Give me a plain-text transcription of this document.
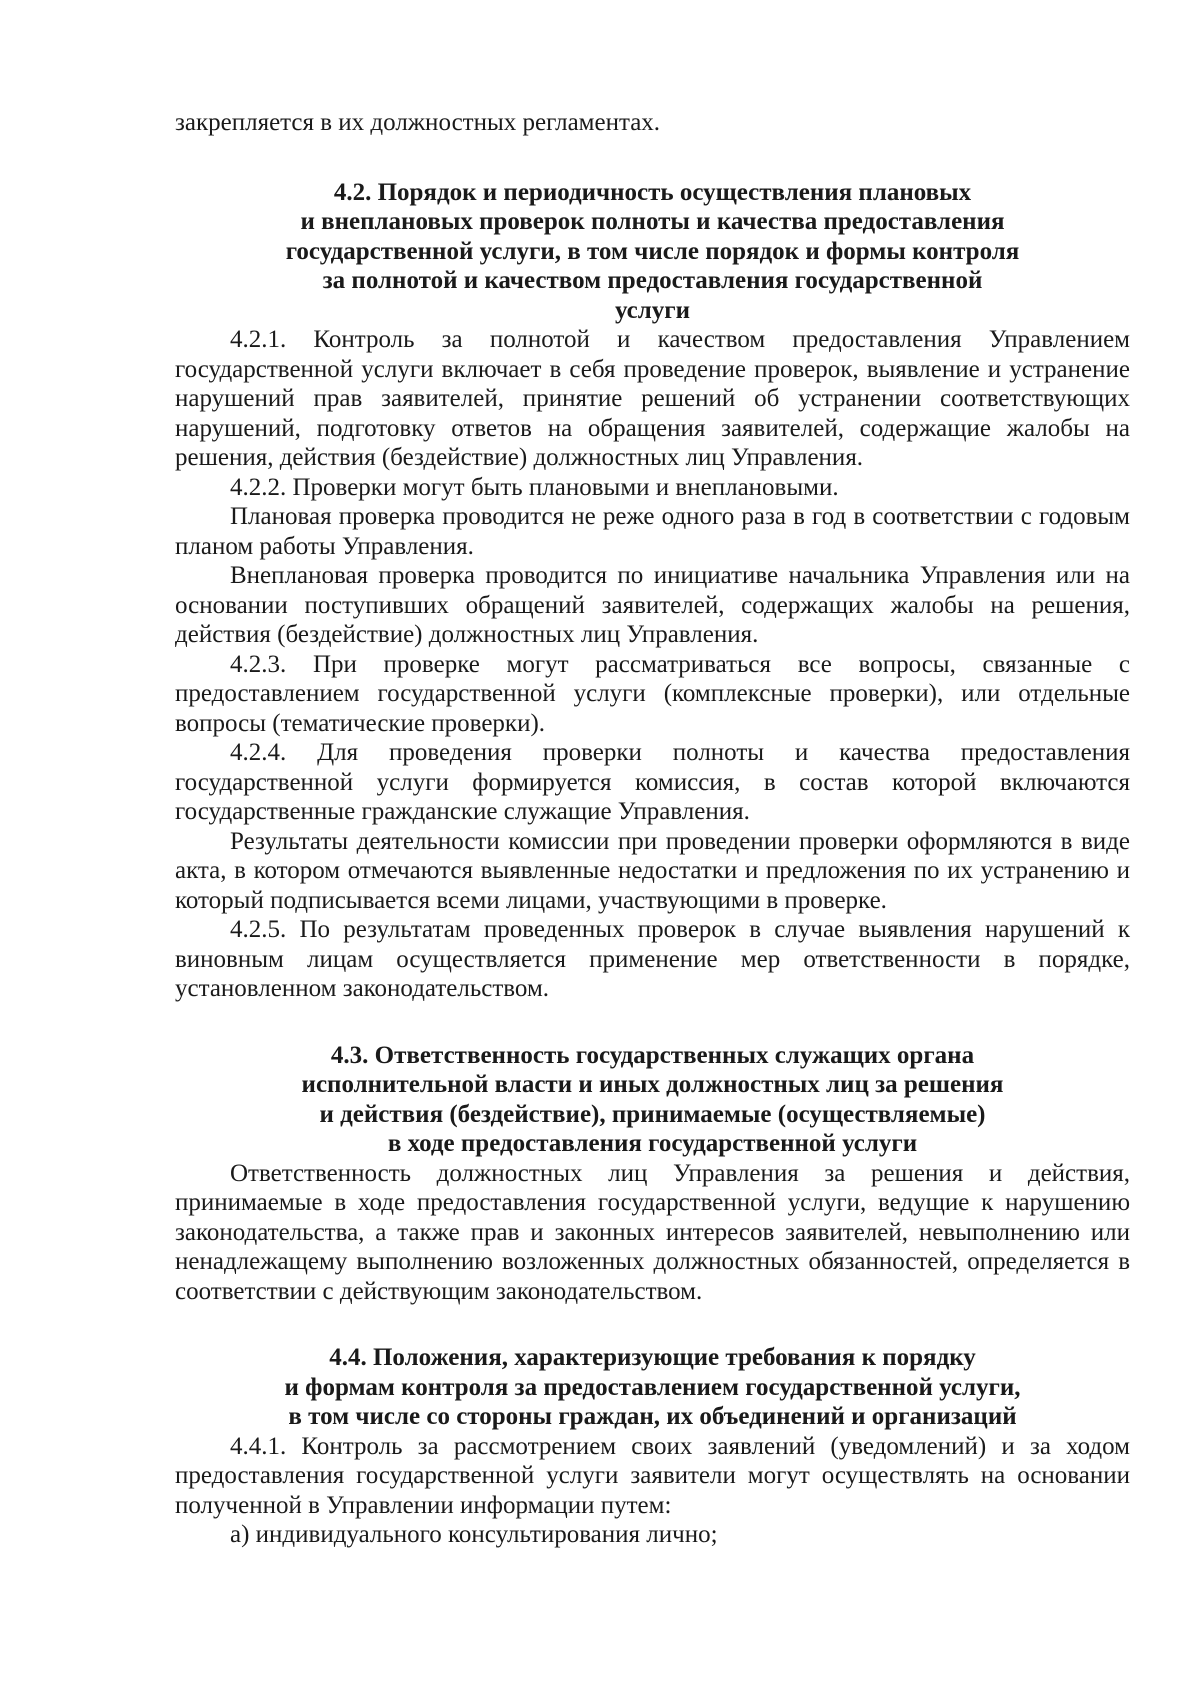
закрепляется в их должностных регламентах.
4.2. Порядок и периодичность осуществления плановых
и внеплановых проверок полноты и качества предоставления
государственной услуги, в том числе порядок и формы контроля
за полнотой и качеством предоставления государственной
услуги

4.2.1. Контроль за полнотой и качеством предоставления Управлением государственной услуги включает в себя проведение проверок, выявление и устранение нарушений прав заявителей, принятие решений об устранении соответствующих нарушений, подготовку ответов на обращения заявителей, содержащие жалобы на решения, действия (бездействие) должностных лиц Управления.

4.2.2. Проверки могут быть плановыми и внеплановыми.

Плановая проверка проводится не реже одного раза в год в соответствии с годовым планом работы Управления.

Внеплановая проверка проводится по инициативе начальника Управления или на основании поступивших обращений заявителей, содержащих жалобы на решения, действия (бездействие) должностных лиц Управления.

4.2.3. При проверке могут рассматриваться все вопросы, связанные с предоставлением государственной услуги (комплексные проверки), или отдельные вопросы (тематические проверки).

4.2.4. Для проведения проверки полноты и качества предоставления государственной услуги формируется комиссия, в состав которой включаются государственные гражданские служащие Управления.

Результаты деятельности комиссии при проведении проверки оформляются в виде акта, в котором отмечаются выявленные недостатки и предложения по их устранению и который подписывается всеми лицами, участвующими в проверке.

4.2.5. По результатам проведенных проверок в случае выявления нарушений к виновным лицам осуществляется применение мер ответственности в порядке, установленном законодательством.

4.3. Ответственность государственных служащих органа
исполнительной власти и иных должностных лиц за решения
и действия (бездействие), принимаемые (осуществляемые)
в ходе предоставления государственной услуги

Ответственность должностных лиц Управления за решения и действия, принимаемые в ходе предоставления государственной услуги, ведущие к нарушению законодательства, а также прав и законных интересов заявителей, невыполнению или ненадлежащему выполнению возложенных должностных обязанностей, определяется в соответствии с действующим законодательством.

4.4. Положения, характеризующие требования к порядку
и формам контроля за предоставлением государственной услуги,
в том числе со стороны граждан, их объединений и организаций

4.4.1. Контроль за рассмотрением своих заявлений (уведомлений) и за ходом предоставления государственной услуги заявители могут осуществлять на основании полученной в Управлении информации путем:

а) индивидуального консультирования лично;
